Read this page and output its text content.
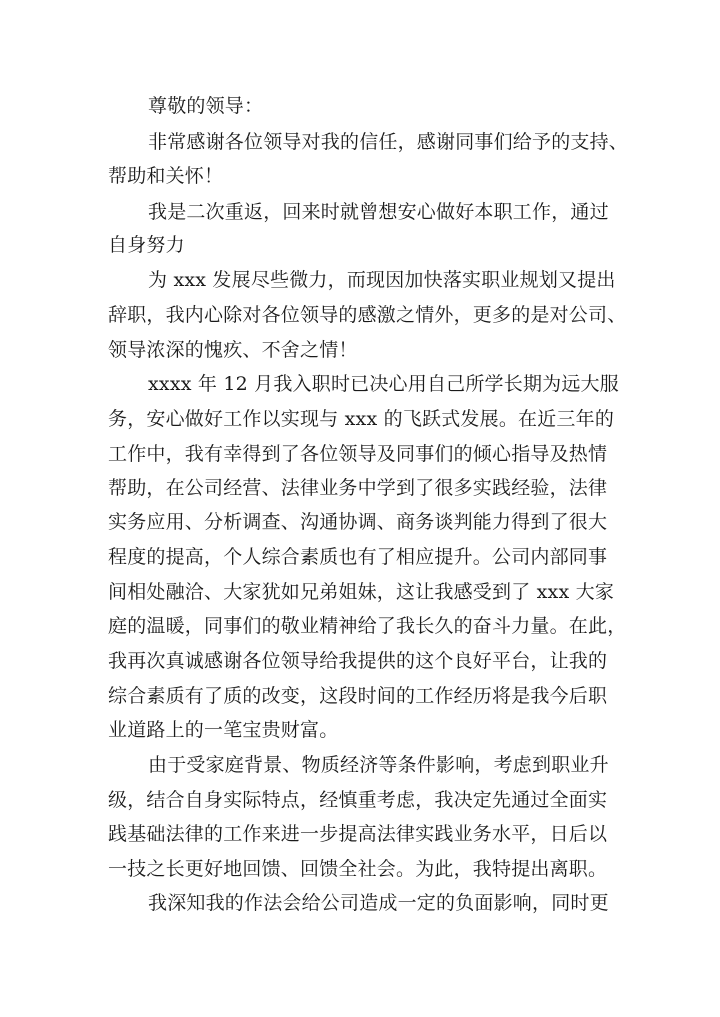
尊敬的领导：
非常感谢各位领导对我的信任，感谢同事们给予的支持、
帮助和关怀！
我是二次重返，回来时就曾想安心做好本职工作，通过
自身努力
为 xxx 发展尽些微力，而现因加快落实职业规划又提出
辞职，我内心除对各位领导的感激之情外，更多的是对公司、
领导浓深的愧疚、不舍之情！
xxxx 年 12 月我入职时已决心用自己所学长期为远大服
务，安心做好工作以实现与 xxx 的飞跃式发展。在近三年的
工作中，我有幸得到了各位领导及同事们的倾心指导及热情
帮助，在公司经营、法律业务中学到了很多实践经验，法律
实务应用、分析调查、沟通协调、商务谈判能力得到了很大
程度的提高，个人综合素质也有了相应提升。公司内部同事
间相处融洽、大家犹如兄弟姐妹，这让我感受到了 xxx 大家
庭的温暖，同事们的敬业精神给了我长久的奋斗力量。在此，
我再次真诚感谢各位领导给我提供的这个良好平台，让我的
综合素质有了质的改变，这段时间的工作经历将是我今后职
业道路上的一笔宝贵财富。
由于受家庭背景、物质经济等条件影响，考虑到职业升
级，结合自身实际特点，经慎重考虑，我决定先通过全面实
践基础法律的工作来进一步提高法律实践业务水平，日后以
一技之长更好地回馈、回馈全社会。为此，我特提出离职。
我深知我的作法会给公司造成一定的负面影响，同时更
